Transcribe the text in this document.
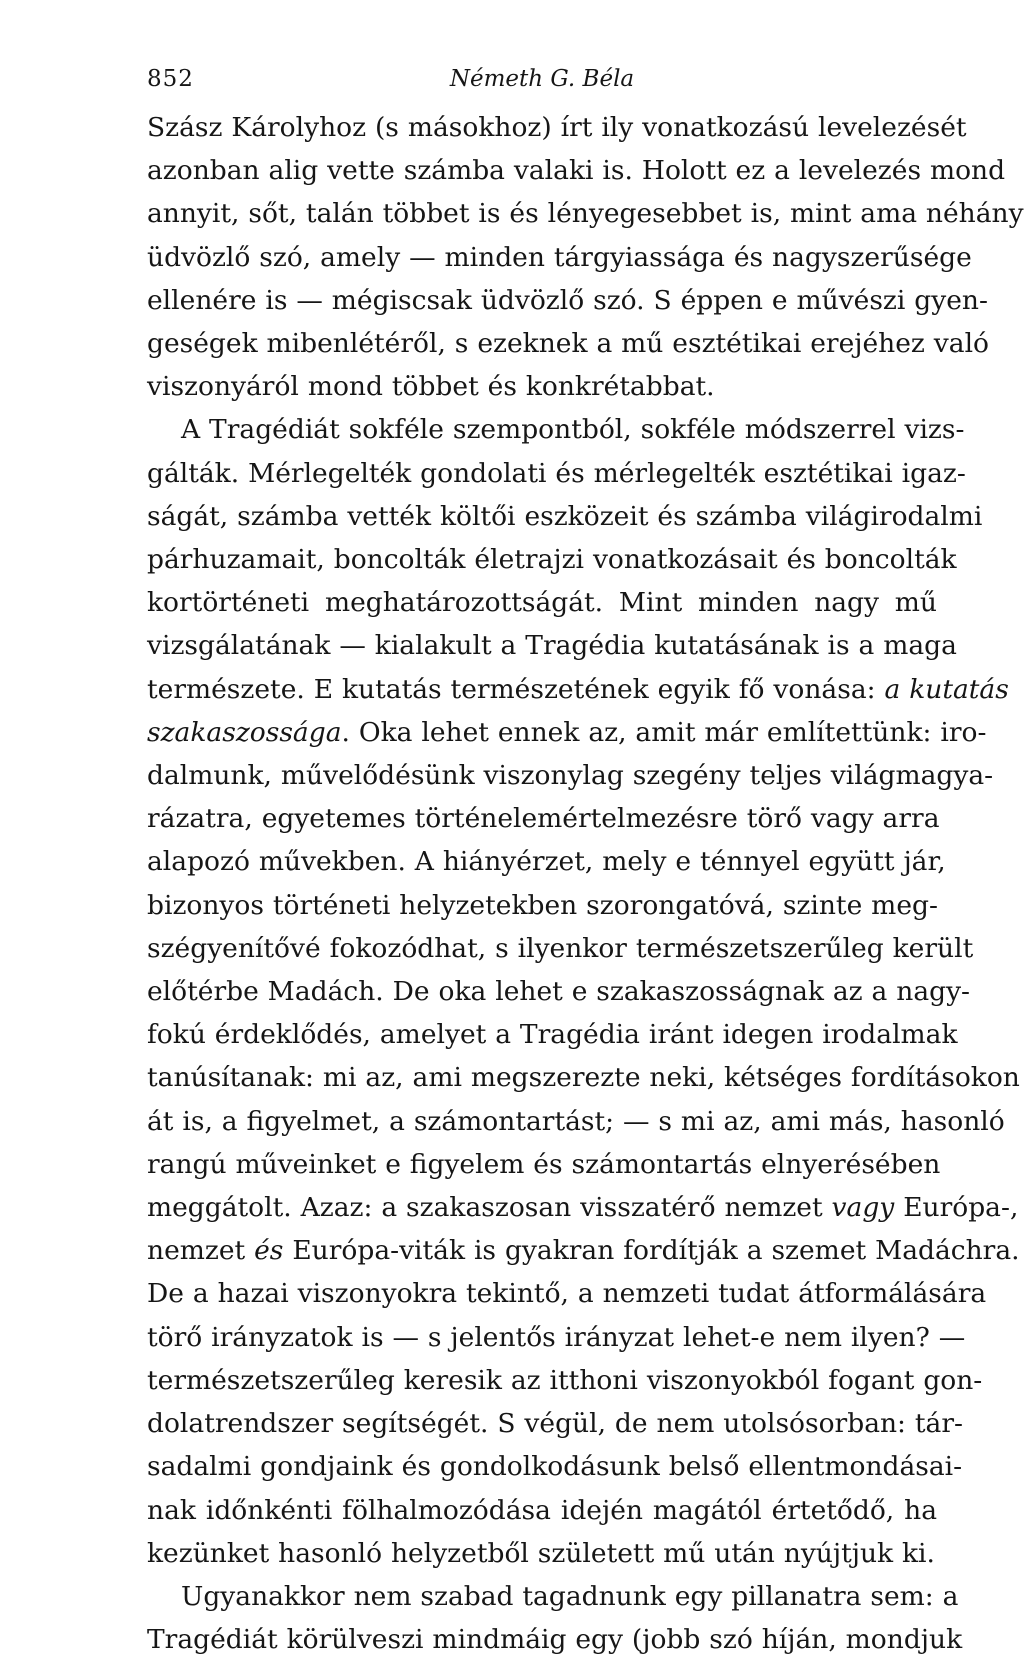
852	Németh G. Béla

Szász Károlyhoz (s másokhoz) írt ily vonatkozású levelezését
azonban alig vette számba valaki is. Holott ez a levelezés mond
annyit, sőt, talán többet is és lényegesebbet is, mint ama néhány
üdvözlő szó, amely — minden tárgyiassága és nagyszerűsége
ellenére is — mégiscsak üdvözlő szó. S éppen e művészi gyen-
geségek mibenlétéről, s ezeknek a mű esztétikai erejéhez való
viszonyáról mond többet és konkrétabbat.

A Tragédiát sokféle szempontból, sokféle módszerrel vizs-
gálták. Mérlegelték gondolati és mérlegelték esztétikai igaz-
ságát, számba vették költői eszközeit és számba világirodalmi
párhuzamait, boncolták életrajzi vonatkozásait és boncolták
kortörténeti meghatározottságát. Mint minden nagy mű
vizsgálatának — kialakult a Tragédia kutatásának is a maga
természete. E kutatás természetének egyik fő vonása: a kutatás
szakaszossága. Oka lehet ennek az, amit már említettünk: iro-
dalmunk, művelődésünk viszonylag szegény teljes világmagya-
rázatra, egyetemes történelemértelmezésre törő vagy arra
alapozó művekben. A hiányérzet, mely e ténnyel együtt jár,
bizonyos történeti helyzetekben szorongatóvá, szinte meg-
szégyenítővé fokozódhat, s ilyenkor természetszerűleg került
előtérbe Madách. De oka lehet e szakaszosságnak az a nagy-
fokú érdeklődés, amelyet a Tragédia iránt idegen irodalmak
tanúsítanak: mi az, ami megszerezte neki, kétséges fordításokon
át is, a figyelmet, a számontartást; — s mi az, ami más, hasonló
rangú műveinket e figyelem és számontartás elnyerésében
meggátolt. Azaz: a szakaszosan visszatérő nemzet vagy Európa-,
nemzet és Európa-viták is gyakran fordítják a szemet Madáchra.
De a hazai viszonyokra tekintő, a nemzeti tudat átformálására
törő irányzatok is — s jelentős irányzat lehet-e nem ilyen? —
természetszerűleg keresik az itthoni viszonyokból fogant gon-
dolatrendszer segítségét. S végül, de nem utolsósorban: tár-
sadalmi gondjaink és gondolkodásunk belső ellentmondásai-
nak időnkénti fölhalmozódása idején magától értetődő, ha
kezünket hasonló helyzetből született mű után nyújtjuk ki.

Ugyanakkor nem szabad tagadnunk egy pillanatra sem: a
Tragédiát körülveszi mindmáig egy (jobb szó híján, mondjuk
